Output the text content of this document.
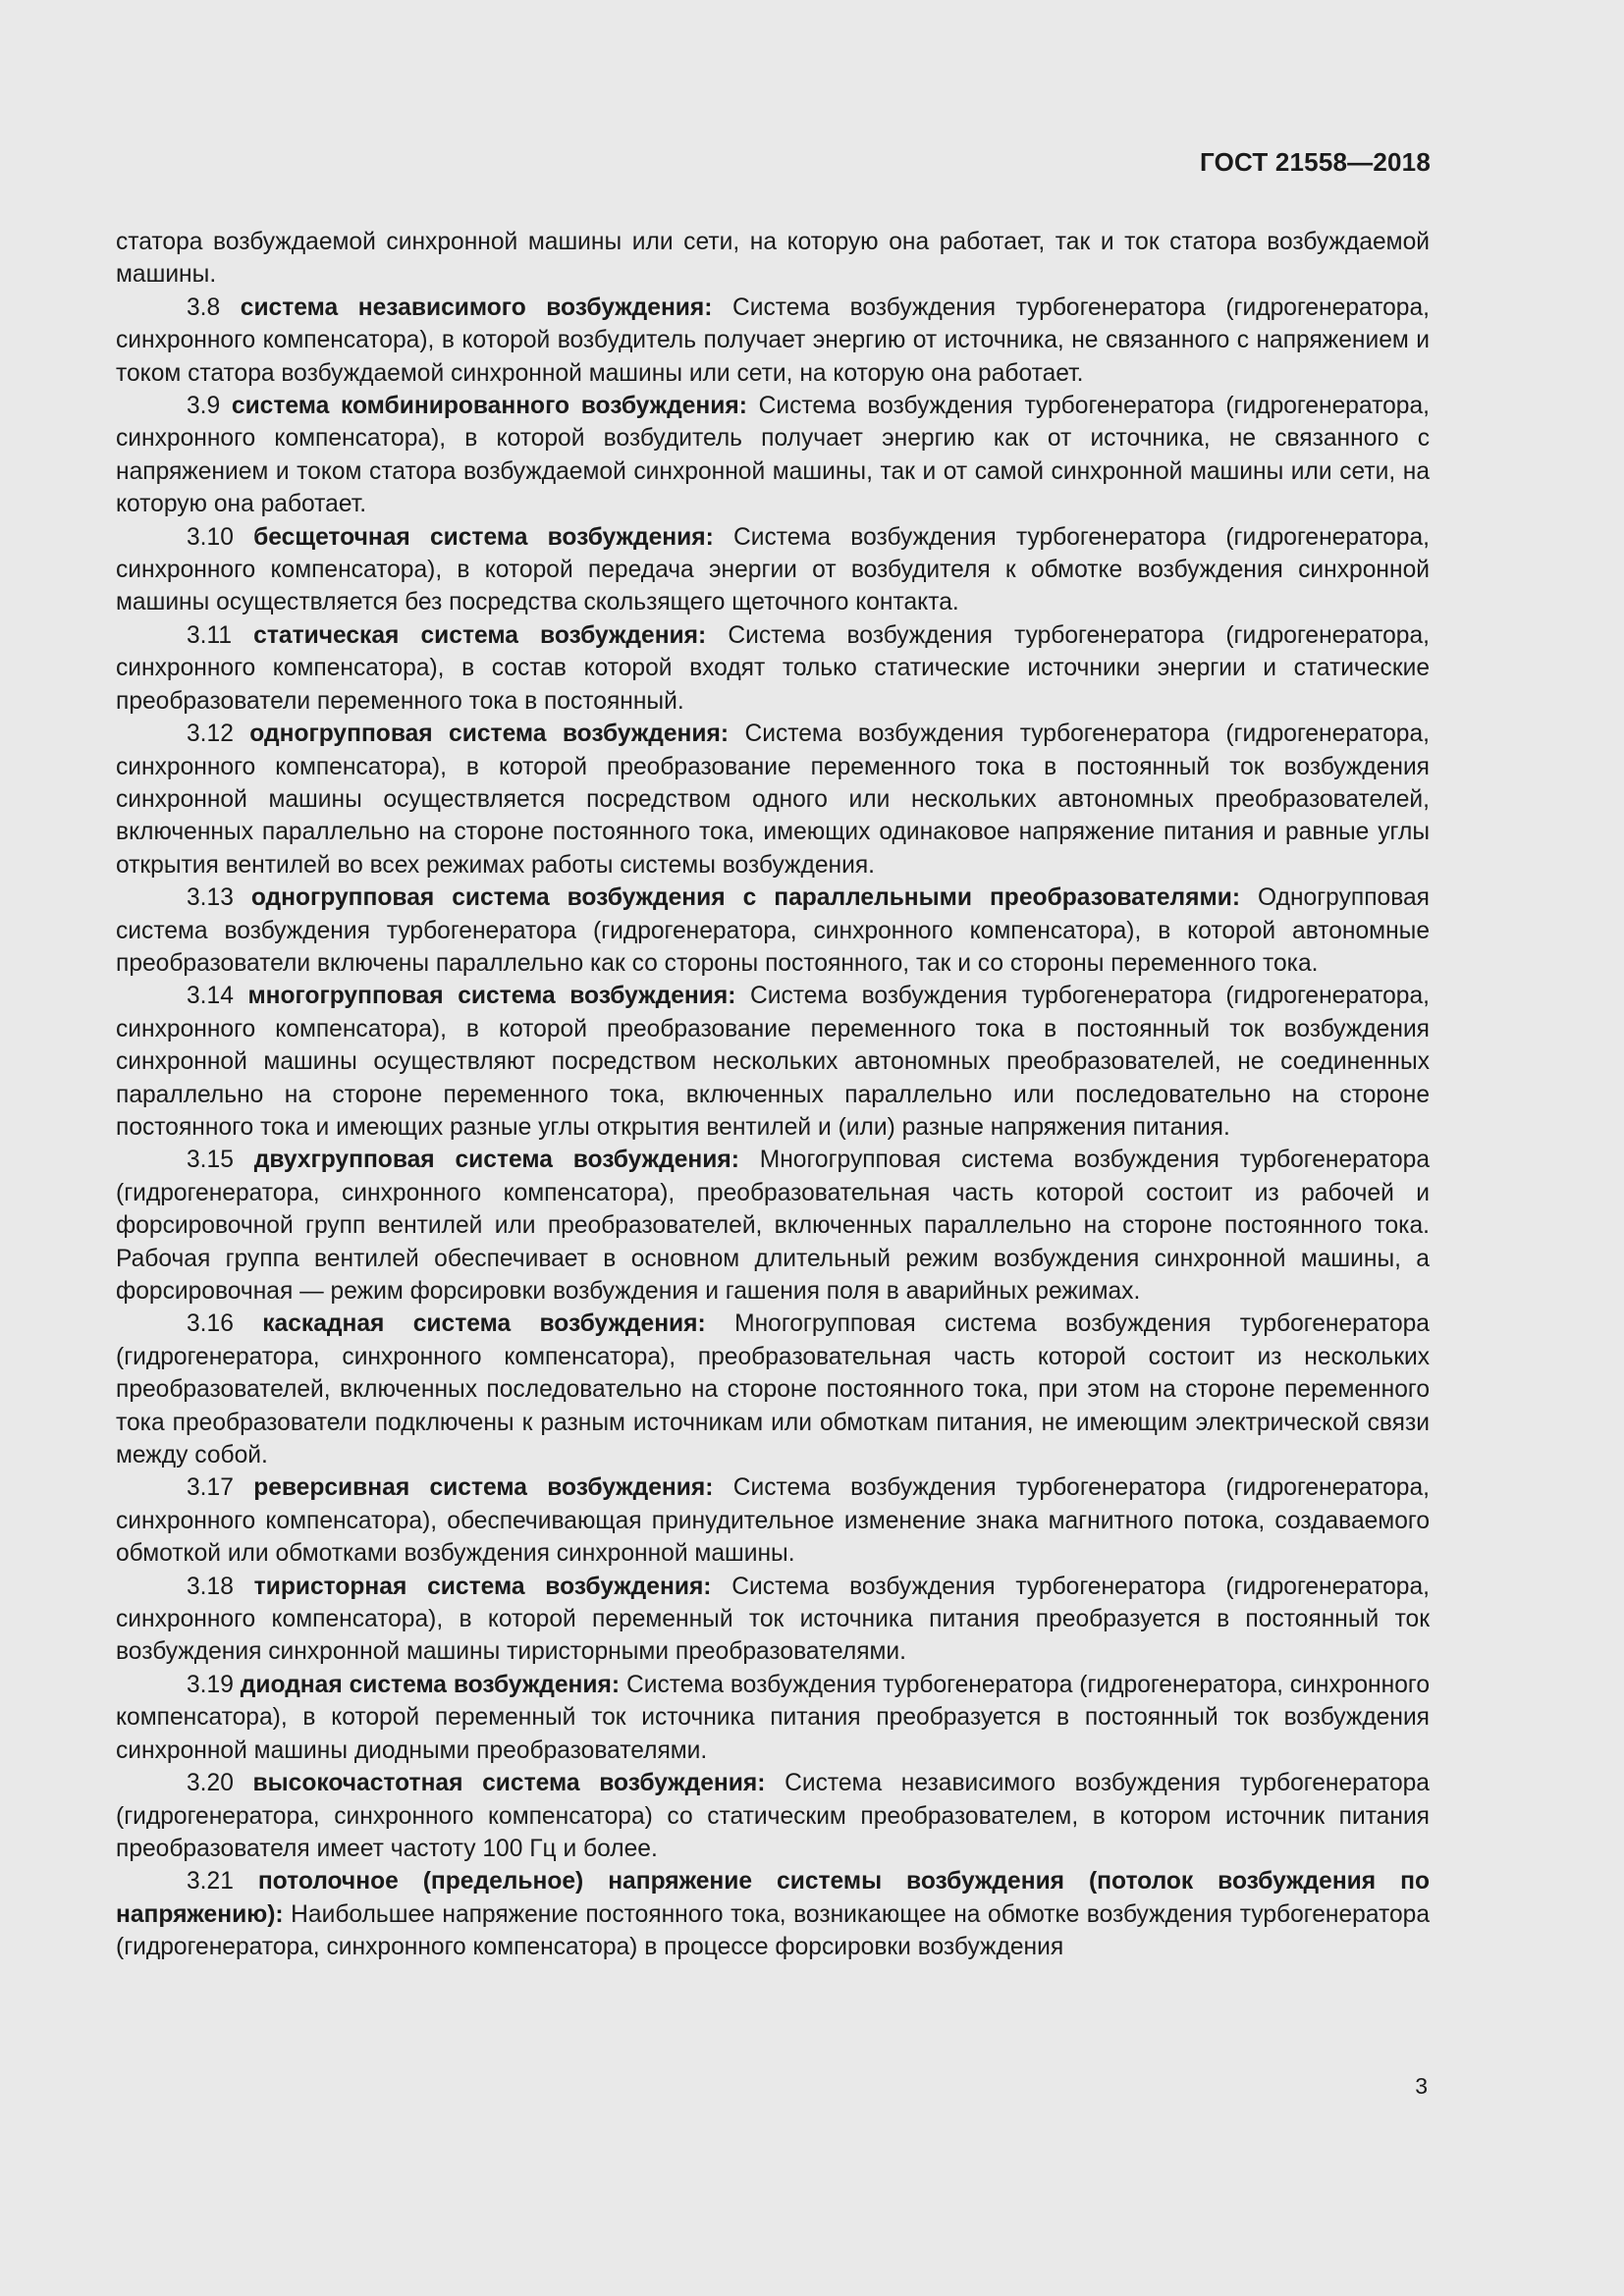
ГОСТ 21558—2018

статора возбуждаемой синхронной машины или сети, на которую она работает, так и ток статора возбуждаемой машины.

3.8 система независимого возбуждения: Система возбуждения турбогенератора (гидрогенератора, синхронного компенсатора), в которой возбудитель получает энергию от источника, не связанного с напряжением и током статора возбуждаемой синхронной машины или сети, на которую она работает.

3.9 система комбинированного возбуждения: Система возбуждения турбогенератора (гидрогенератора, синхронного компенсатора), в которой возбудитель получает энергию как от источника, не связанного с напряжением и током статора возбуждаемой синхронной машины, так и от самой синхронной машины или сети, на которую она работает.

3.10 бесщеточная система возбуждения: Система возбуждения турбогенератора (гидрогенератора, синхронного компенсатора), в которой передача энергии от возбудителя к обмотке возбуждения синхронной машины осуществляется без посредства скользящего щеточного контакта.

3.11 статическая система возбуждения: Система возбуждения турбогенератора (гидрогенератора, синхронного компенсатора), в состав которой входят только статические источники энергии и статические преобразователи переменного тока в постоянный.

3.12 одногрупповая система возбуждения: Система возбуждения турбогенератора (гидрогенератора, синхронного компенсатора), в которой преобразование переменного тока в постоянный ток возбуждения синхронной машины осуществляется посредством одного или нескольких автономных преобразователей, включенных параллельно на стороне постоянного тока, имеющих одинаковое напряжение питания и равные углы открытия вентилей во всех режимах работы системы возбуждения.

3.13 одногрупповая система возбуждения с параллельными преобразователями: Одногрупповая система возбуждения турбогенератора (гидрогенератора, синхронного компенсатора), в которой автономные преобразователи включены параллельно как со стороны постоянного, так и со стороны переменного тока.

3.14 многогрупповая система возбуждения: Система возбуждения турбогенератора (гидрогенератора, синхронного компенсатора), в которой преобразование переменного тока в постоянный ток возбуждения синхронной машины осуществляют посредством нескольких автономных преобразователей, не соединенных параллельно на стороне переменного тока, включенных параллельно или последовательно на стороне постоянного тока и имеющих разные углы открытия вентилей и (или) разные напряжения питания.

3.15 двухгрупповая система возбуждения: Многогрупповая система возбуждения турбогенератора (гидрогенератора, синхронного компенсатора), преобразовательная часть которой состоит из рабочей и форсировочной групп вентилей или преобразователей, включенных параллельно на стороне постоянного тока. Рабочая группа вентилей обеспечивает в основном длительный режим возбуждения синхронной машины, а форсировочная — режим форсировки возбуждения и гашения поля в аварийных режимах.

3.16 каскадная система возбуждения: Многогрупповая система возбуждения турбогенератора (гидрогенератора, синхронного компенсатора), преобразовательная часть которой состоит из нескольких преобразователей, включенных последовательно на стороне постоянного тока, при этом на стороне переменного тока преобразователи подключены к разным источникам или обмоткам питания, не имеющим электрической связи между собой.

3.17 реверсивная система возбуждения: Система возбуждения турбогенератора (гидрогенератора, синхронного компенсатора), обеспечивающая принудительное изменение знака магнитного потока, создаваемого обмоткой или обмотками возбуждения синхронной машины.

3.18 тиристорная система возбуждения: Система возбуждения турбогенератора (гидрогенератора, синхронного компенсатора), в которой переменный ток источника питания преобразуется в постоянный ток возбуждения синхронной машины тиристорными преобразователями.

3.19 диодная система возбуждения: Система возбуждения турбогенератора (гидрогенератора, синхронного компенсатора), в которой переменный ток источника питания преобразуется в постоянный ток возбуждения синхронной машины диодными преобразователями.

3.20 высокочастотная система возбуждения: Система независимого возбуждения турбогенератора (гидрогенератора, синхронного компенсатора) со статическим преобразователем, в котором источник питания преобразователя имеет частоту 100 Гц и более.

3.21 потолочное (предельное) напряжение системы возбуждения (потолок возбуждения по напряжению): Наибольшее напряжение постоянного тока, возникающее на обмотке возбуждения турбогенератора (гидрогенератора, синхронного компенсатора) в процессе форсировки возбуждения

3
